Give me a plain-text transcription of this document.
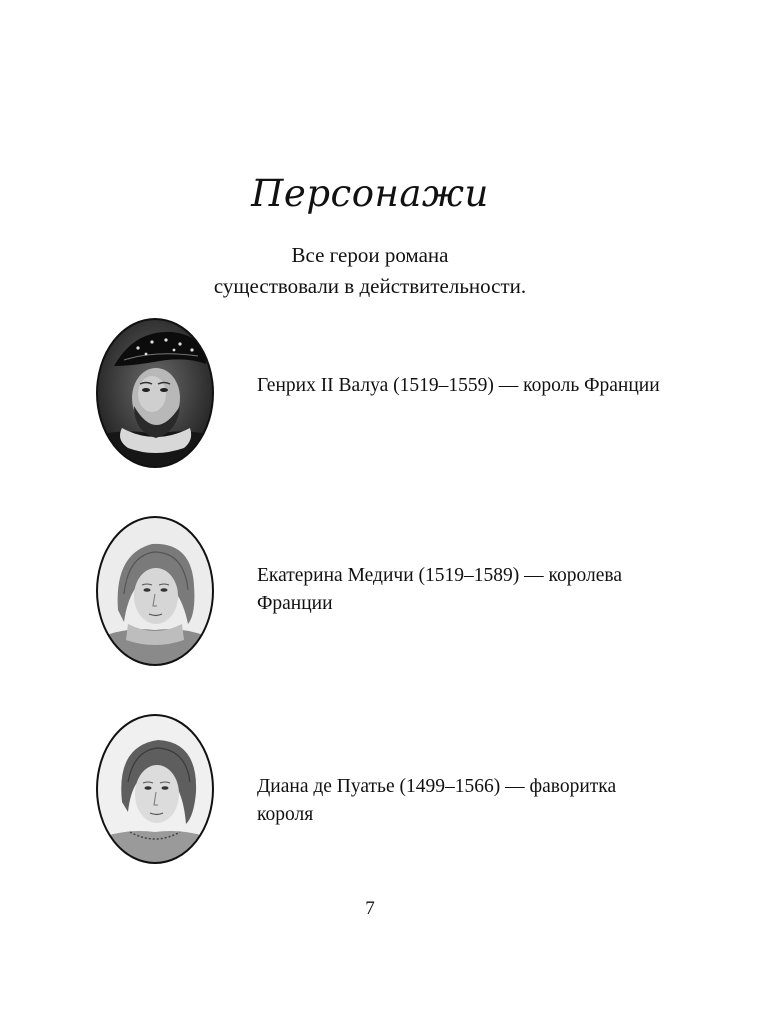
Персонажи
Все герои романа
существовали в действительности.
Генрих II Валуа (1519–1559) — король Франции
Екатерина Медичи (1519–1589) — королева Франции
Диана де Пуатье (1499–1566) — фаворитка короля
7
